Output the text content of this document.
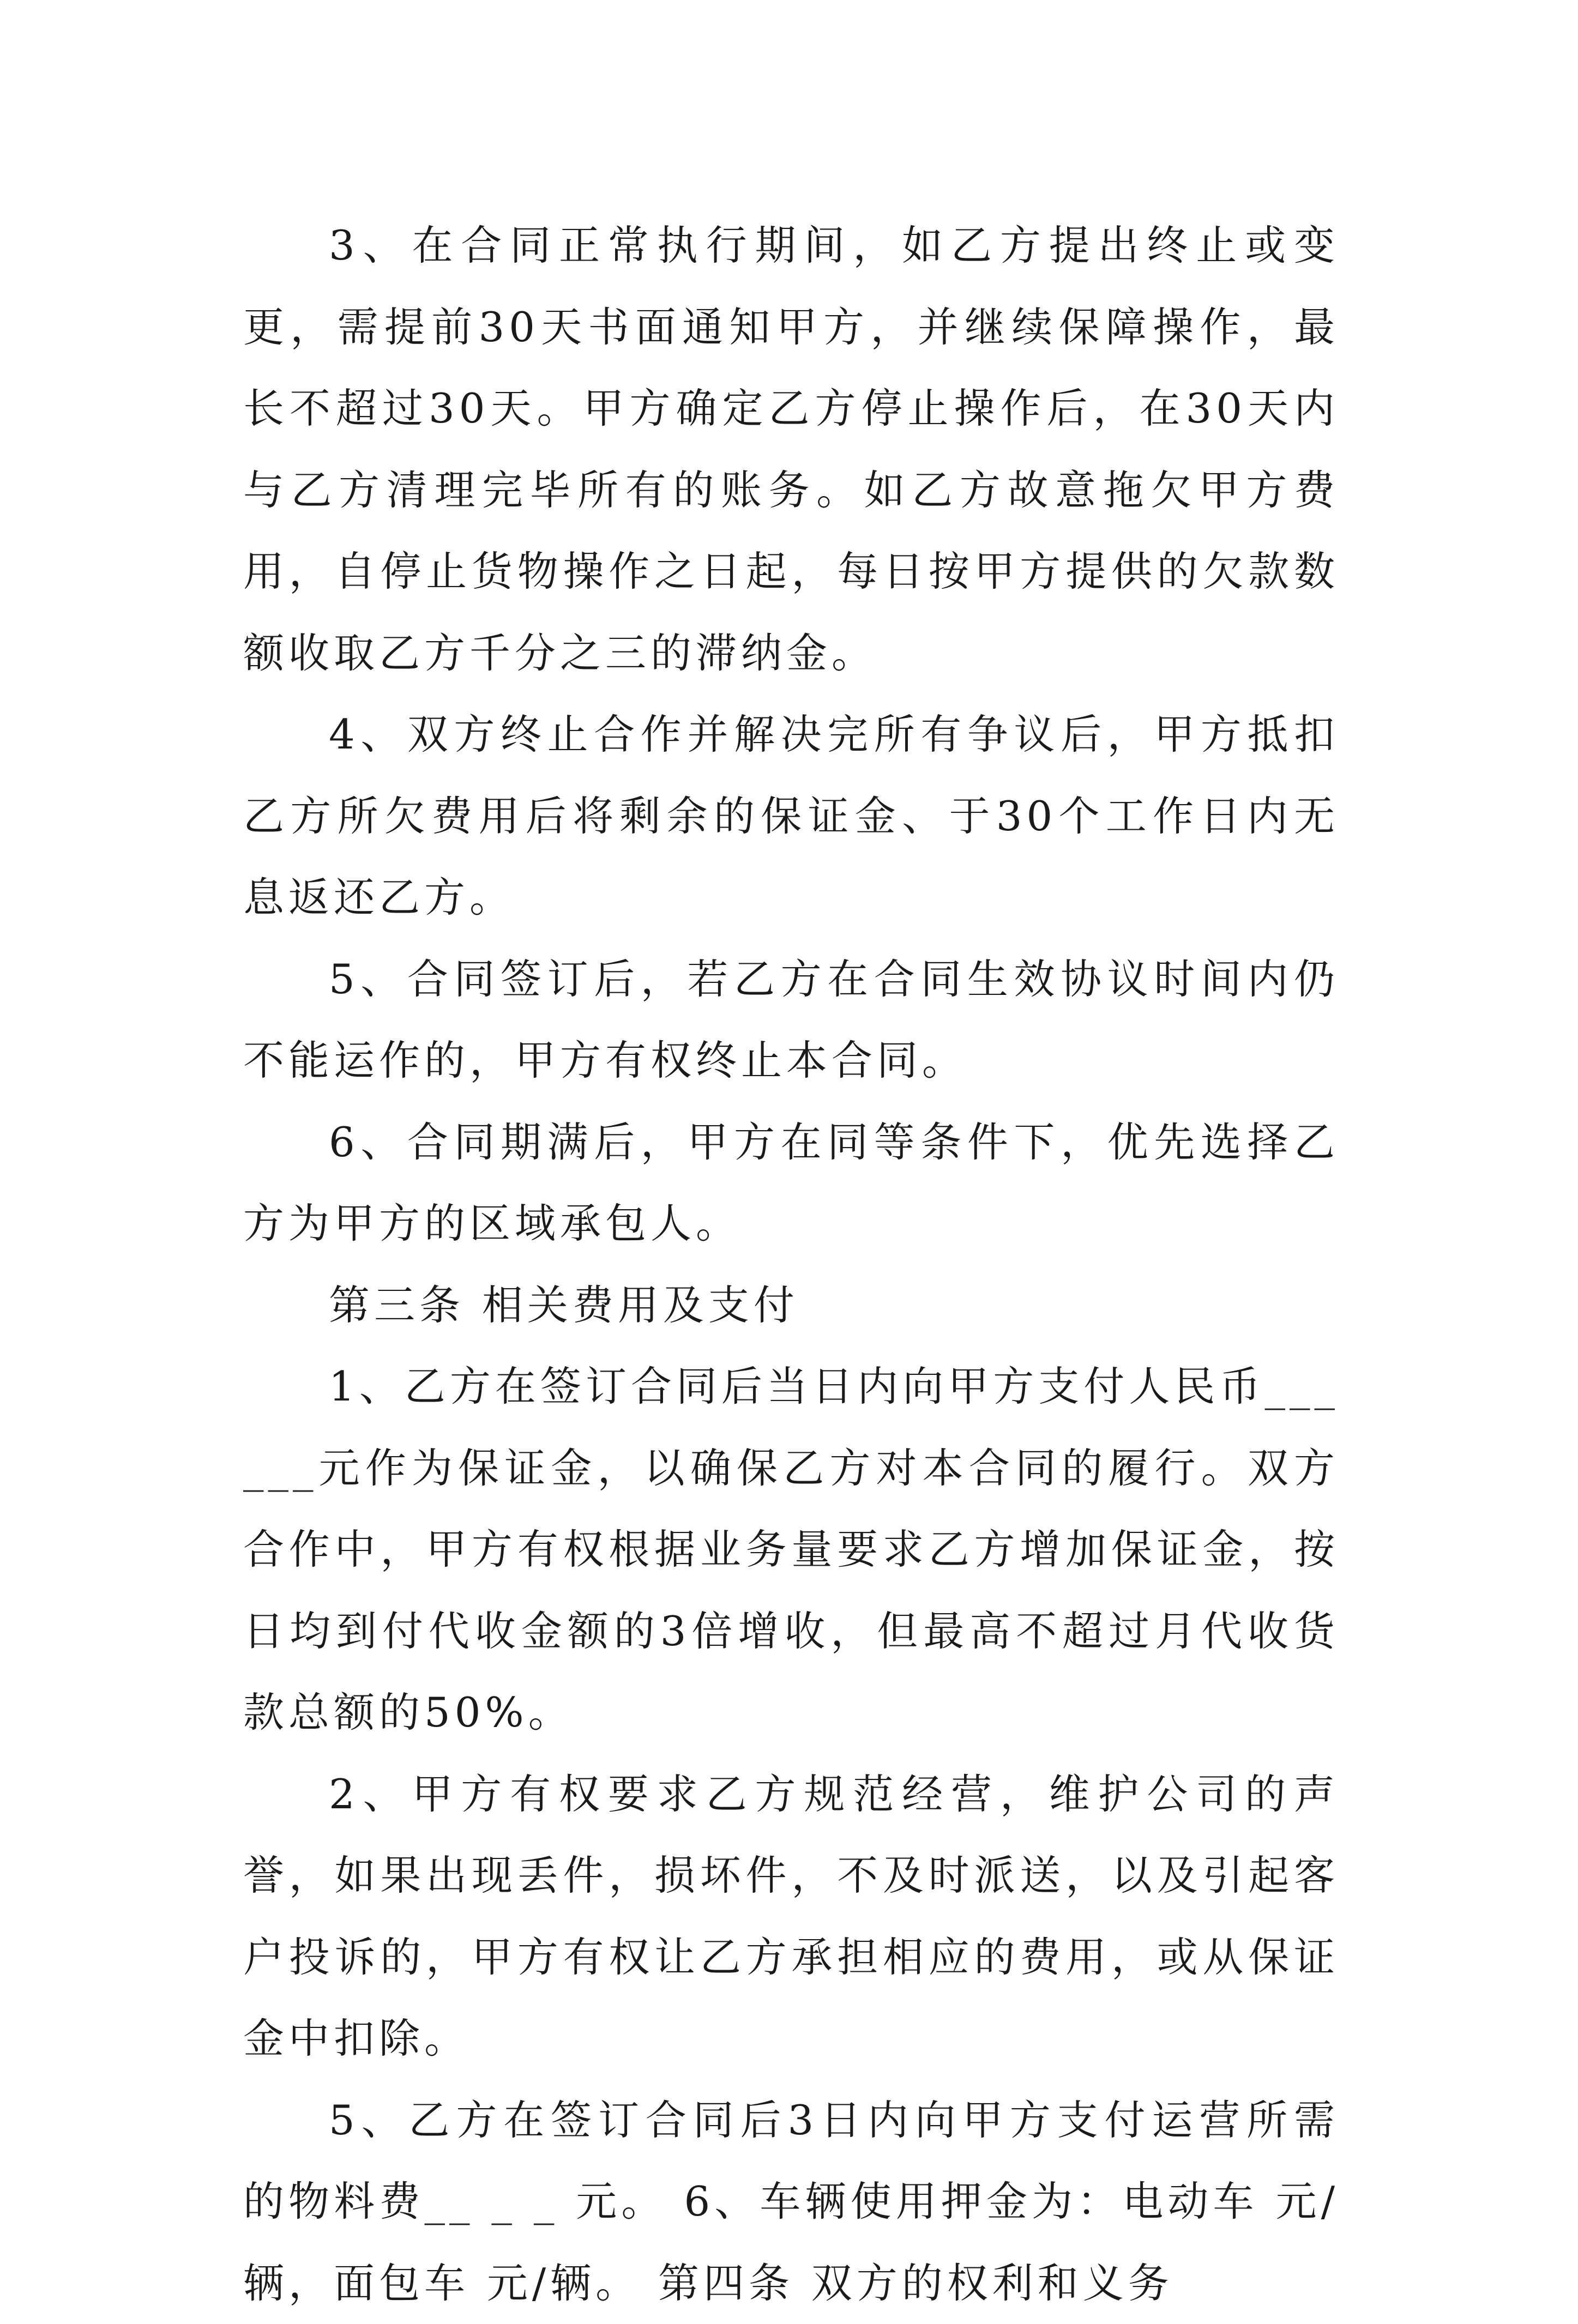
3、在合同正常执行期间，如乙方提出终止或变更，需提前30天书面通知甲方，并继续保障操作，最长不超过30天。甲方确定乙方停止操作后，在30天内与乙方清理完毕所有的账务。如乙方故意拖欠甲方费用，自停止货物操作之日起，每日按甲方提供的欠款数额收取乙方千分之三的滞纳金。

4、双方终止合作并解决完所有争议后，甲方抵扣乙方所欠费用后将剩余的保证金、于30个工作日内无息返还乙方。

5、合同签订后，若乙方在合同生效协议时间内仍不能运作的，甲方有权终止本合同。

6、合同期满后，甲方在同等条件下，优先选择乙方为甲方的区域承包人。

第三条 相关费用及支付

1、乙方在签订合同后当日内向甲方支付人民币______元作为保证金，以确保乙方对本合同的履行。双方合作中，甲方有权根据业务量要求乙方增加保证金，按日均到付代收金额的3倍增收，但最高不超过月代收货款总额的50%。

2、甲方有权要求乙方规范经营，维护公司的声誉，如果出现丢件，损坏件，不及时派送，以及引起客户投诉的，甲方有权让乙方承担相应的费用，或从保证金中扣除。

5、乙方在签订合同后3日内向甲方支付运营所需的物料费__ _ _ 元。 6、车辆使用押金为：电动车 元/辆，面包车 元/辆。 第四条 双方的权利和义务
